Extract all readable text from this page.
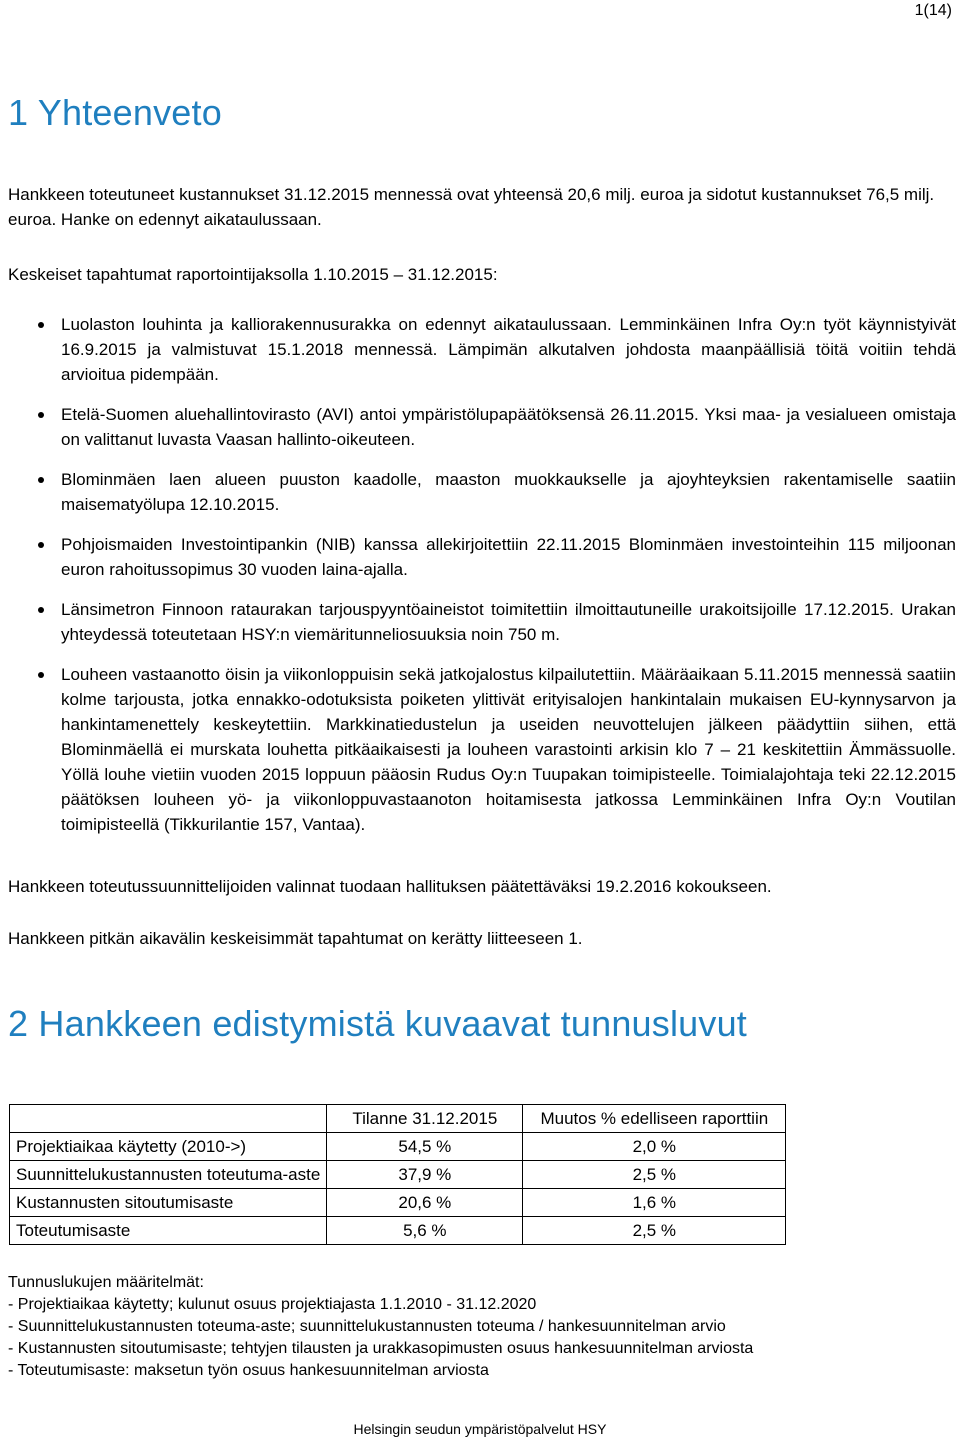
1(14)
1 Yhteenveto

Hankkeen toteutuneet kustannukset 31.12.2015 mennessä ovat yhteensä 20,6 milj. euroa ja sidotut kustannukset 76,5 milj. euroa. Hanke on edennyt aikataulussaan.

Keskeiset tapahtumat raportointijaksolla 1.10.2015 – 31.12.2015:

Luolaston louhinta ja kalliorakennusurakka on edennyt aikataulussaan. Lemminkäinen Infra Oy:n työt käynnistyivät 16.9.2015 ja valmistuvat 15.1.2018 mennessä. Lämpimän alkutalven johdosta maanpäällisiä töitä voitiin tehdä arvioitua pidempään.
Etelä-Suomen aluehallintovirasto (AVI) antoi ympäristölupapäätöksensä 26.11.2015. Yksi maa- ja vesialueen omistaja on valittanut luvasta Vaasan hallinto-oikeuteen.
Blominmäen laen alueen puuston kaadolle, maaston muokkaukselle ja ajoyhteyksien rakentamiselle saatiin maisematyölupa 12.10.2015.
Pohjoismaiden Investointipankin (NIB) kanssa allekirjoitettiin 22.11.2015 Blominmäen investointeihin 115 miljoonan euron rahoitussopimus 30 vuoden laina-ajalla.
Länsimetron Finnoon rataurakan tarjouspyyntöaineistot toimitettiin ilmoittautuneille urakoitsijoille 17.12.2015. Urakan yhteydessä toteutetaan HSY:n viemäritunneliosuuksia noin 750 m.
Louheen vastaanotto öisin ja viikonloppuisin sekä jatkojalostus kilpailutettiin. Määräaikaan 5.11.2015 mennessä saatiin kolme tarjousta, jotka ennakko-odotuksista poiketen ylittivät erityisalojen hankintalain mukaisen EU-kynnysarvon ja hankintamenettely keskeytettiin. Markkinatiedustelun ja useiden neuvottelujen jälkeen päädyttiin siihen, että Blominmäellä ei murskata louhetta pitkäaikaisesti ja louheen varastointi arkisin klo 7 – 21 keskitettiin Ämmässuolle. Yöllä louhe vietiin vuoden 2015 loppuun pääosin Rudus Oy:n Tuupakan toimipisteelle. Toimialajohtaja teki 22.12.2015 päätöksen louheen yö- ja viikonloppuvastaanoton hoitamisesta jatkossa Lemminkäinen Infra Oy:n Voutilan toimipisteellä (Tikkurilantie 157, Vantaa).

Hankkeen toteutussuunnittelijoiden valinnat tuodaan hallituksen päätettäväksi 19.2.2016 kokoukseen.

Hankkeen pitkän aikavälin keskeisimmät tapahtumat on kerätty liitteeseen 1.

2 Hankkeen edistymistä kuvaavat tunnusluvut
	Tilanne 31.12.2015	Muutos % edelliseen raporttiin
Projektiaikaa käytetty (2010->)	54,5 %	2,0 %
Suunnittelukustannusten toteutuma-aste	37,9 %	2,5 %
Kustannusten sitoutumisaste	20,6 %	1,6 %
Toteutumisaste	5,6 %	2,5 %
Tunnuslukujen määritelmät:
- Projektiaikaa käytetty; kulunut osuus projektiajasta 1.1.2010 - 31.12.2020
- Suunnittelukustannusten toteuma-aste; suunnittelukustannusten toteuma / hankesuunnitelman arvio
- Kustannusten sitoutumisaste; tehtyjen tilausten ja urakkasopimusten osuus hankesuunnitelman arviosta
- Toteutumisaste: maksetun työn osuus hankesuunnitelman arviosta
Helsingin seudun ympäristöpalvelut HSY
